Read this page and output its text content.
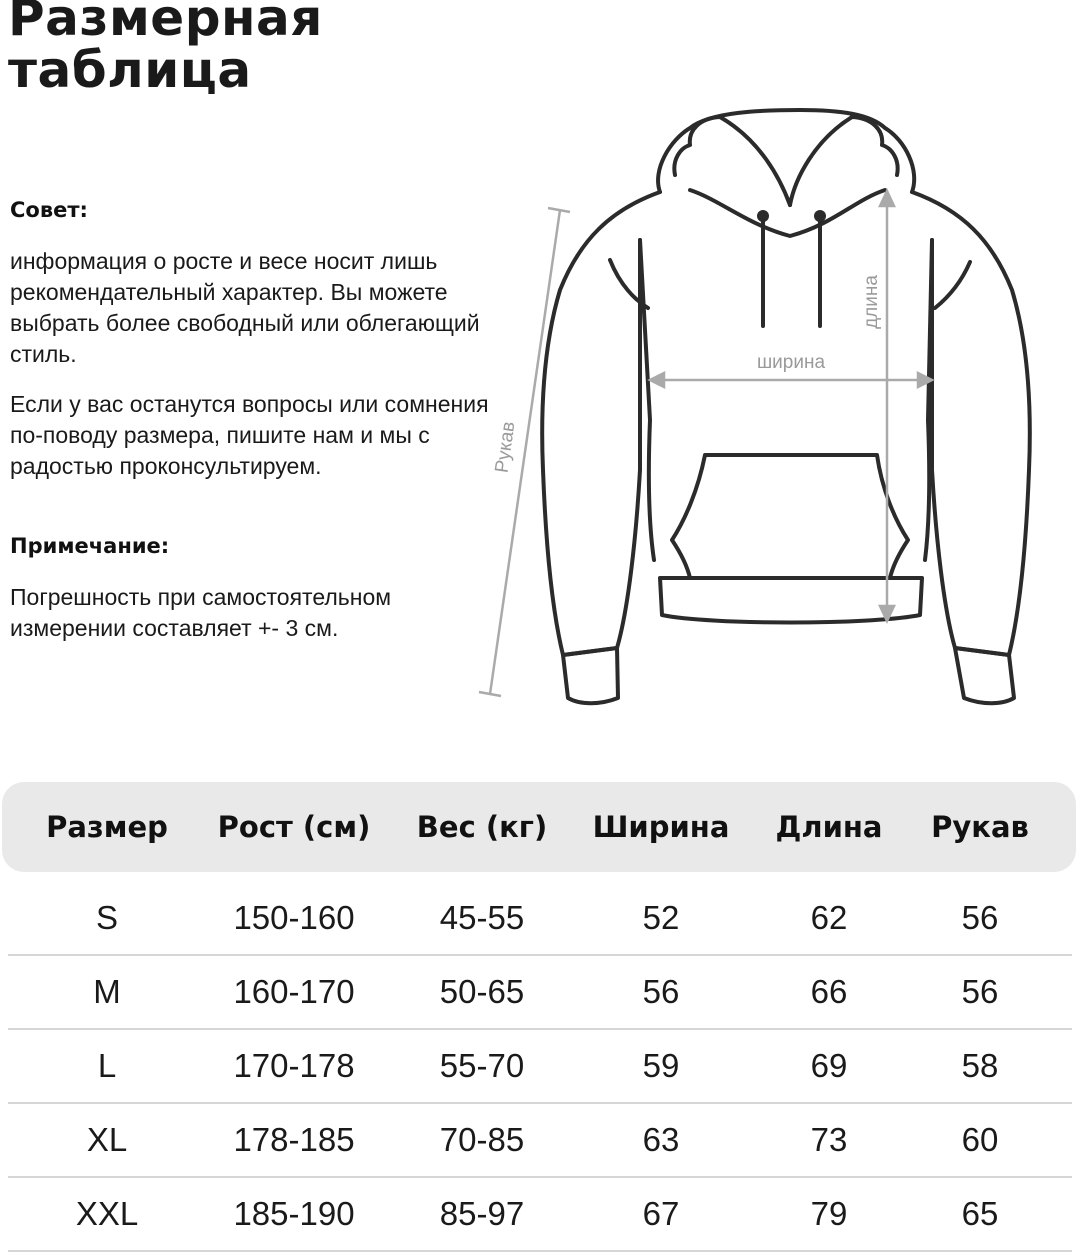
Размерная
таблица
Совет:
информация о росте и весе носит лишь рекомендательный характер. Вы можете выбрать более свободный или облегающий стиль.
Если у вас останутся вопросы или сомнения по-поводу размера, пишите нам и мы с радостью проконсультируем.
Примечание:
Погрешность при самостоятельном измерении составляет +- 3 см.
ширина
длина
Рукав
Размер	Рост (см)	Вес (кг)	Ширина	Длина	Рукав
S	150-160	45-55	52	62	56
M	160-170	50-65	56	66	56
L	170-178	55-70	59	69	58
XL	178-185	70-85	63	73	60
XXL	185-190	85-97	67	79	65
